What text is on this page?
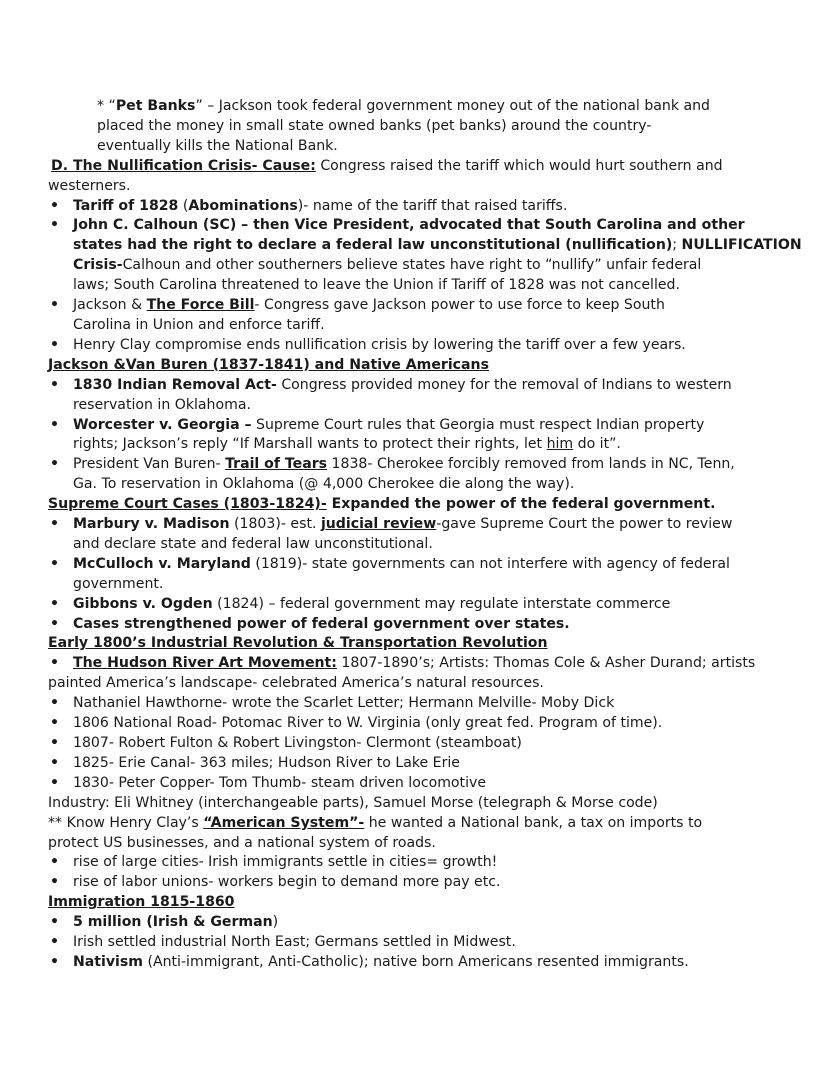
* “Pet Banks” – Jackson took federal government money out of the national bank and
placed the money in small state owned banks (pet banks) around the country-
eventually kills the National Bank.
D. The Nullification Crisis- Cause: Congress raised the tariff which would hurt southern and
westerners.
• Tariff of 1828 (Abominations)- name of the tariff that raised tariffs.
• John C. Calhoun (SC) – then Vice President, advocated that South Carolina and other
states had the right to declare a federal law unconstitutional (nullification); NULLIFICATION
Crisis-Calhoun and other southerners believe states have right to “nullify” unfair federal
laws; South Carolina threatened to leave the Union if Tariff of 1828 was not cancelled.
• Jackson & The Force Bill- Congress gave Jackson power to use force to keep South
Carolina in Union and enforce tariff.
• Henry Clay compromise ends nullification crisis by lowering the tariff over a few years.
Jackson &Van Buren (1837-1841) and Native Americans
• 1830 Indian Removal Act- Congress provided money for the removal of Indians to western
reservation in Oklahoma.
• Worcester v. Georgia – Supreme Court rules that Georgia must respect Indian property
rights; Jackson’s reply “If Marshall wants to protect their rights, let him do it”.
• President Van Buren- Trail of Tears 1838- Cherokee forcibly removed from lands in NC, Tenn,
Ga. To reservation in Oklahoma (@ 4,000 Cherokee die along the way).
Supreme Court Cases (1803-1824)- Expanded the power of the federal government.
• Marbury v. Madison (1803)- est. judicial review-gave Supreme Court the power to review
and declare state and federal law unconstitutional.
• McCulloch v. Maryland (1819)- state governments can not interfere with agency of federal
government.
• Gibbons v. Ogden (1824) – federal government may regulate interstate commerce
• Cases strengthened power of federal government over states.
Early 1800’s Industrial Revolution & Transportation Revolution
• The Hudson River Art Movement: 1807-1890’s; Artists: Thomas Cole & Asher Durand; artists
painted America’s landscape- celebrated America’s natural resources.
• Nathaniel Hawthorne- wrote the Scarlet Letter; Hermann Melville- Moby Dick
• 1806 National Road- Potomac River to W. Virginia (only great fed. Program of time).
• 1807- Robert Fulton & Robert Livingston- Clermont (steamboat)
• 1825- Erie Canal- 363 miles; Hudson River to Lake Erie
• 1830- Peter Copper- Tom Thumb- steam driven locomotive
Industry: Eli Whitney (interchangeable parts), Samuel Morse (telegraph & Morse code)
** Know Henry Clay’s “American System”- he wanted a National bank, a tax on imports to
protect US businesses, and a national system of roads.
• rise of large cities- Irish immigrants settle in cities= growth!
• rise of labor unions- workers begin to demand more pay etc.
Immigration 1815-1860
• 5 million (Irish & German)
• Irish settled industrial North East; Germans settled in Midwest.
• Nativism (Anti-immigrant, Anti-Catholic); native born Americans resented immigrants.
